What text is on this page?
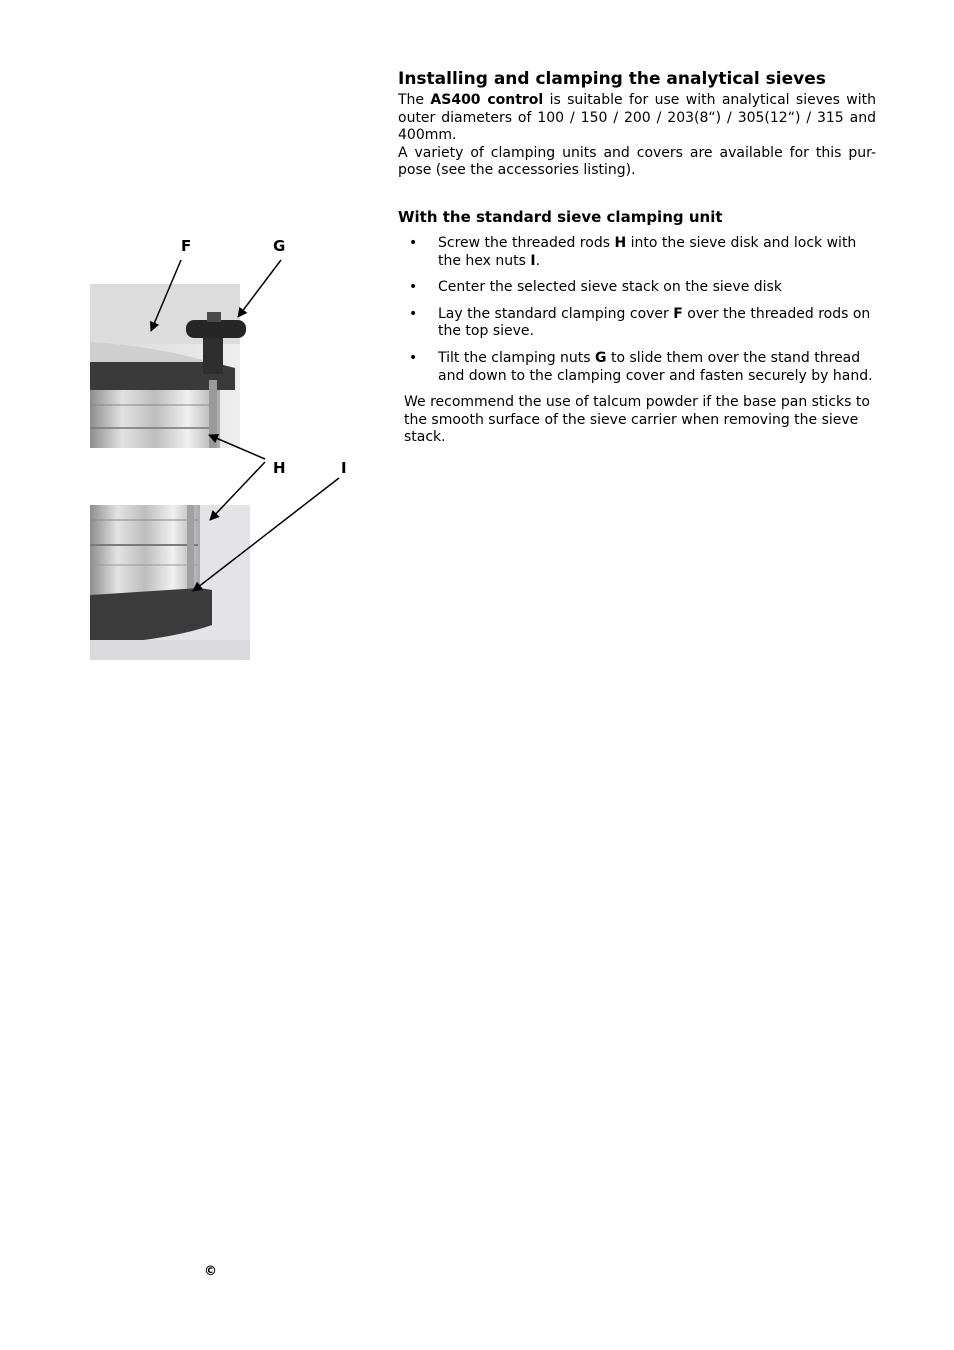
Installing and clamping the analytical sieves

The AS400 control is suitable for use with analytical sieves with outer diameters of 100 / 150 / 200 / 203(8“) / 305(12“) / 315 and 400mm.

A variety of clamping units and covers are available for this pur-pose (see the accessories listing).

With the standard sieve clamping unit
• Screw the threaded rods H into the sieve disk and lock with the hex nuts I.
• Center the selected sieve stack on the sieve disk
• Lay the standard clamping cover F over the threaded rods on the top sieve.
• Tilt the clamping nuts G to slide them over the stand thread and down to the clamping cover and fasten securely by hand.

We recommend the use of talcum powder if the base pan sticks to the smooth surface of the sieve carrier when removing the sieve stack.

F	G
H	I
©
